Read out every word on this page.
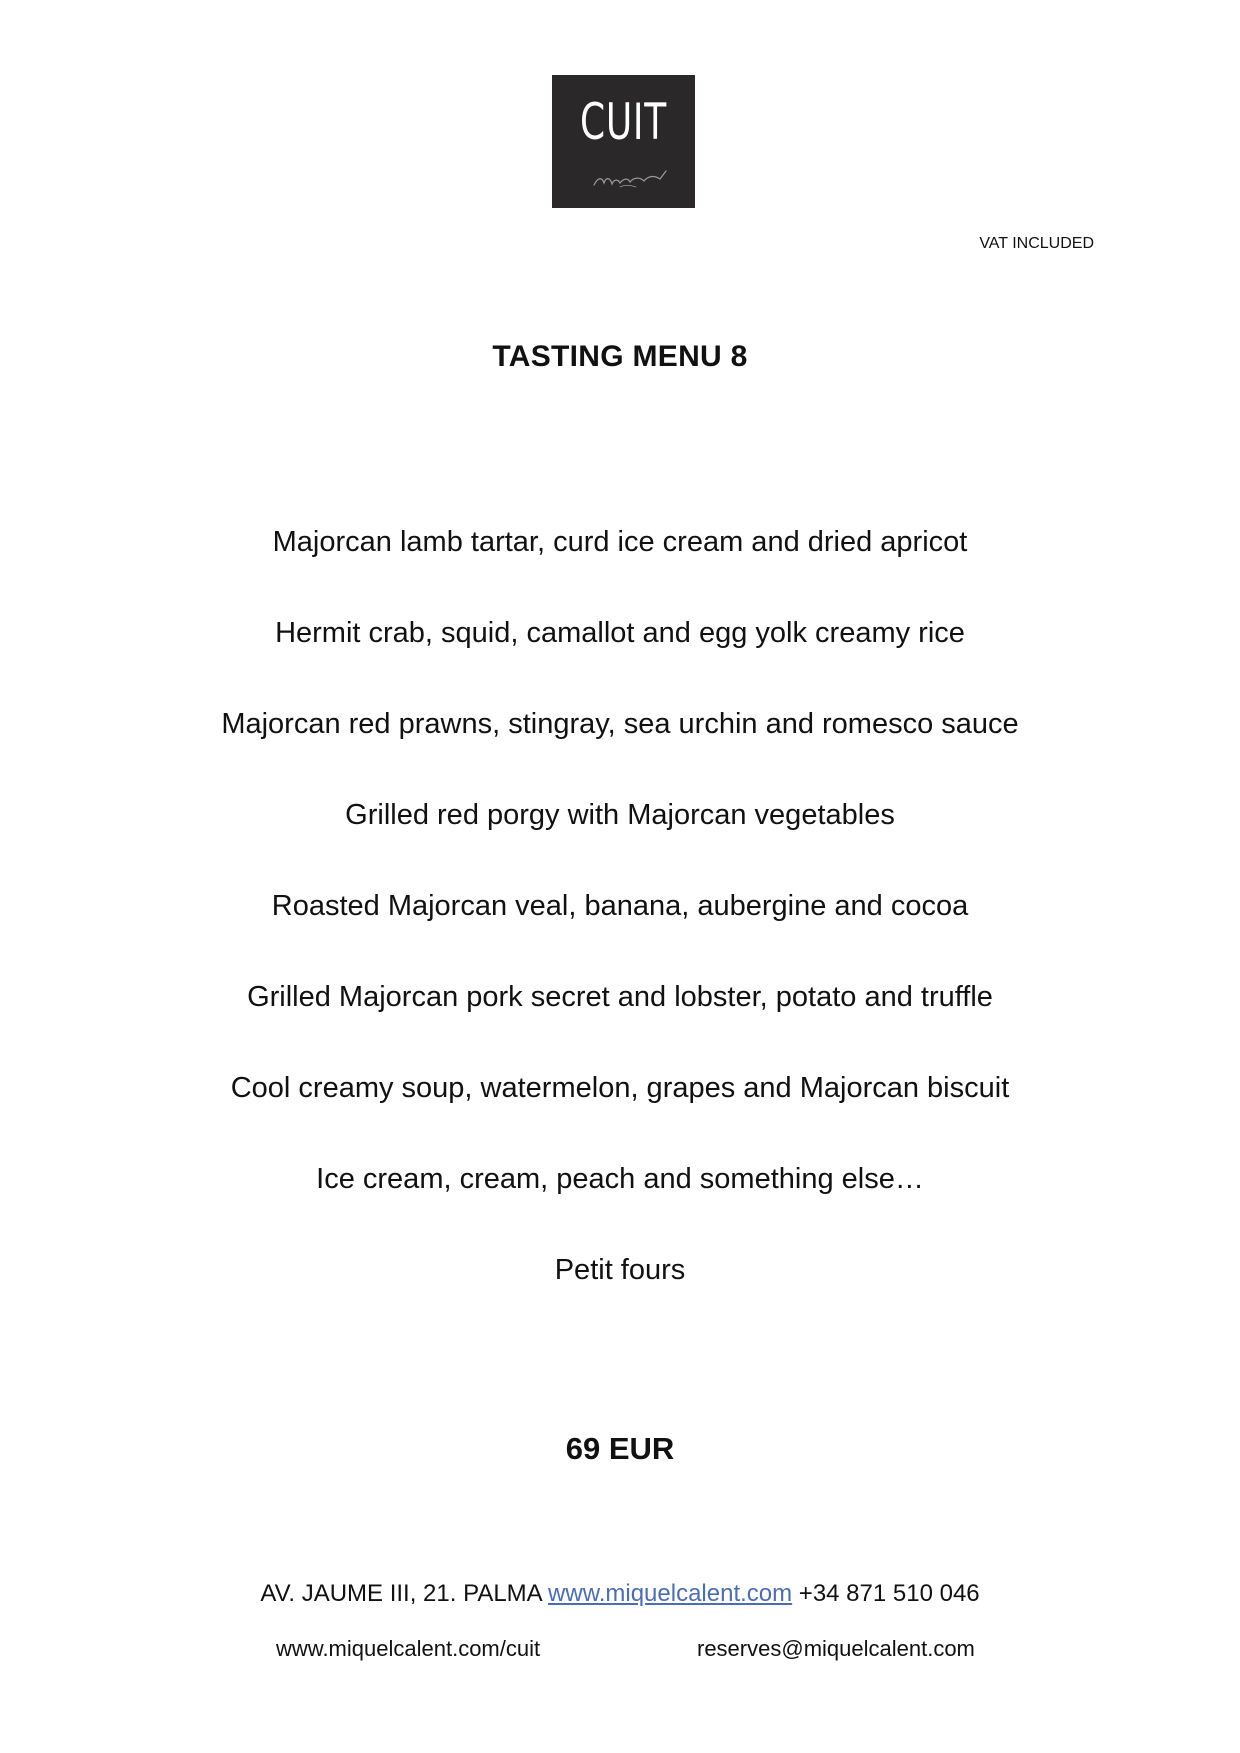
CUIT
VAT INCLUDED
TASTING MENU 8
Majorcan lamb tartar, curd ice cream and dried apricot
Hermit crab, squid, camallot and egg yolk creamy rice
Majorcan red prawns, stingray, sea urchin and romesco sauce
Grilled red porgy with Majorcan vegetables
Roasted Majorcan veal, banana, aubergine and cocoa
Grilled Majorcan pork secret and lobster, potato and truffle
Cool creamy soup, watermelon, grapes and Majorcan biscuit
Ice cream, cream, peach and something else…
Petit fours
69 EUR
AV. JAUME III, 21. PALMA www.miquelcalent.com +34 871 510 046
www.miquelcalent.com/cuit	reserves@miquelcalent.com
